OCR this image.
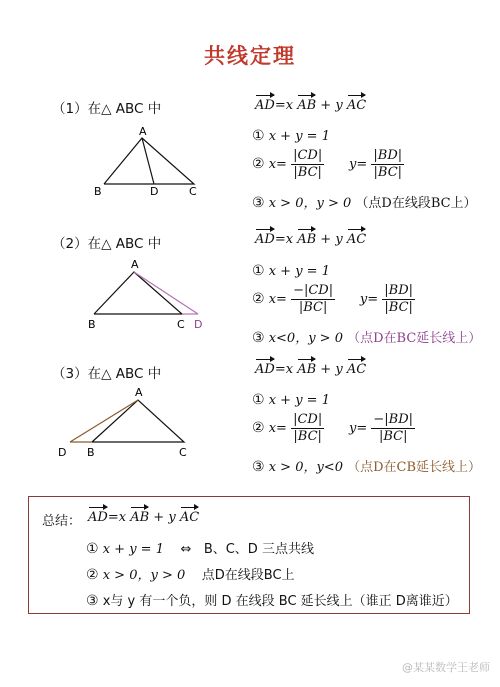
共线定理
（1）在△ ABC 中
A
B	D	C
AD=x AB + y AC
① x + y = 1
② $x= \frac{|CD|}{|BC|} y= \frac{|BD|}{|BC|}$
③ x > 0，y > 0 （点D在线段BC上）
（2）在△ ABC 中
A
B	C D
AD=x AB + y AC
① x + y = 1
② $x= \frac{-|CD|}{|BC|} y= \frac{|BD|}{|BC|}$
③ x<0，y > 0 （点D在BC延长线上）
（3）在△ ABC 中
A
D B	C
AD=x AB + y AC
① x + y = 1
② $x= \frac{|CD|}{|BC|} y= \frac{-|BD|}{|BC|}$
③ x > 0，y<0 （点D在CB延长线上）
总结： AD=x AB + y AC
① x + y = 1 ⇔ B、C、D 三点共线
② x > 0，y > 0 点D在线段BC上
③ x与 y 有一个负，则 D 在线段 BC 延长线上（谁正 D离谁近）
@某某数学王老师
